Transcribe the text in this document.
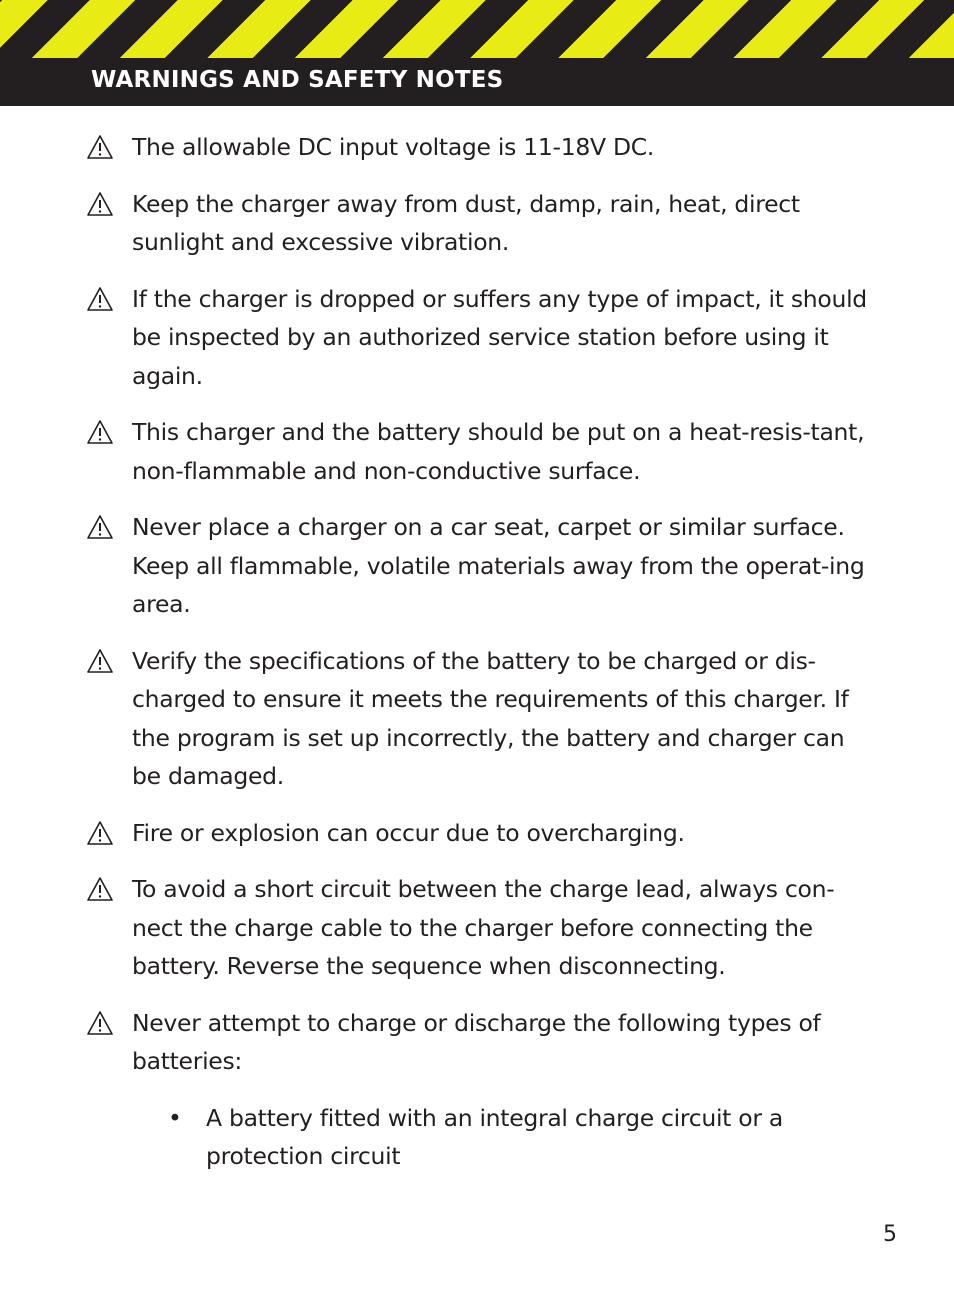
WARNINGS AND SAFETY NOTES
The allowable DC input voltage is 11-18V DC.
Keep the charger away from dust, damp, rain, heat, direct sunlight and excessive vibration.
If the charger is dropped or suffers any type of impact, it should be inspected by an authorized service station before using it again.
This charger and the battery should be put on a heat-resis-tant, non-flammable and non-conductive surface.
Never place a charger on a car seat, carpet or similar surface. Keep all flammable, volatile materials away from the operat-ing area.
Verify the specifications of the battery to be charged or dis-charged to ensure it meets the requirements of this charger. If the program is set up incorrectly, the battery and charger can be damaged.
Fire or explosion can occur due to overcharging.
To avoid a short circuit between the charge lead, always con-nect the charge cable to the charger before connecting the battery. Reverse the sequence when disconnecting.
Never attempt to charge or discharge the following types of batteries:
• A battery fitted with an integral charge circuit or a protection circuit
5
